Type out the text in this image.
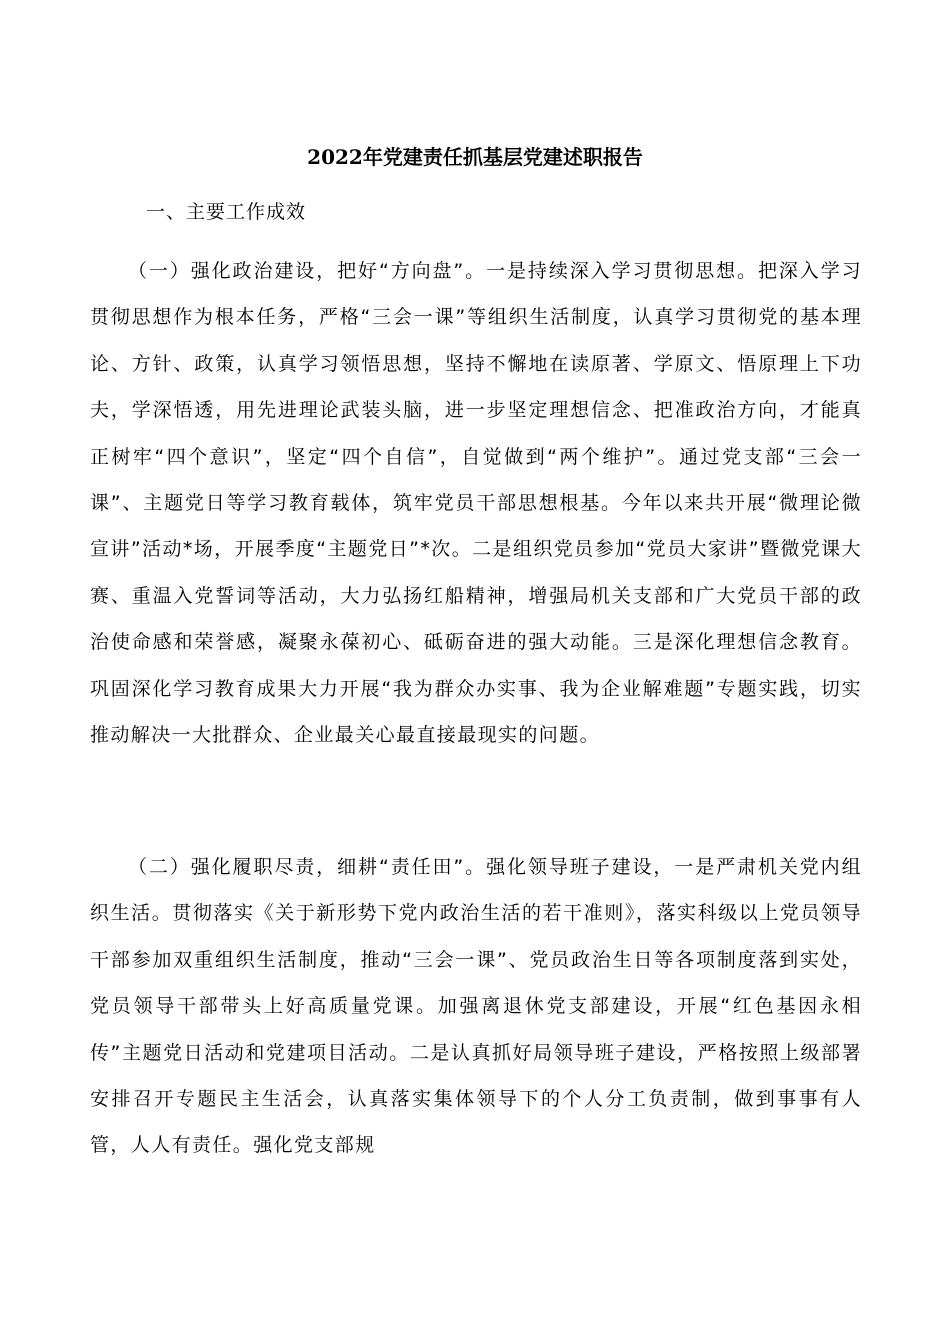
2022年党建责任抓基层党建述职报告

一、主要工作成效

（一）强化政治建设，把好“方向盘”。一是持续深入学习贯彻思想。把深入学习贯彻思想作为根本任务，严格“三会一课”等组织生活制度，认真学习贯彻党的基本理论、方针、政策，认真学习领悟思想，坚持不懈地在读原著、学原文、悟原理上下功夫，学深悟透，用先进理论武装头脑，进一步坚定理想信念、把准政治方向，才能真正树牢“四个意识”，坚定“四个自信”，自觉做到“两个维护”。通过党支部“三会一课”、主题党日等学习教育载体，筑牢党员干部思想根基。今年以来共开展“微理论微宣讲”活动*场，开展季度“主题党日”*次。二是组织党员参加“党员大家讲”暨微党课大赛、重温入党誓词等活动，大力弘扬红船精神，增强局机关支部和广大党员干部的政治使命感和荣誉感，凝聚永葆初心、砥砺奋进的强大动能。三是深化理想信念教育。巩固深化学习教育成果大力开展“我为群众办实事、我为企业解难题”专题实践，切实推动解决一大批群众、企业最关心最直接最现实的问题。

（二）强化履职尽责，细耕“责任田”。强化领导班子建设，一是严肃机关党内组织生活。贯彻落实《关于新形势下党内政治生活的若干准则》，落实科级以上党员领导干部参加双重组织生活制度，推动“三会一课”、党员政治生日等各项制度落到实处，党员领导干部带头上好高质量党课。加强离退休党支部建设，开展“红色基因永相传”主题党日活动和党建项目活动。二是认真抓好局领导班子建设，严格按照上级部署安排召开专题民主生活会，认真落实集体领导下的个人分工负责制，做到事事有人管，人人有责任。强化党支部规
